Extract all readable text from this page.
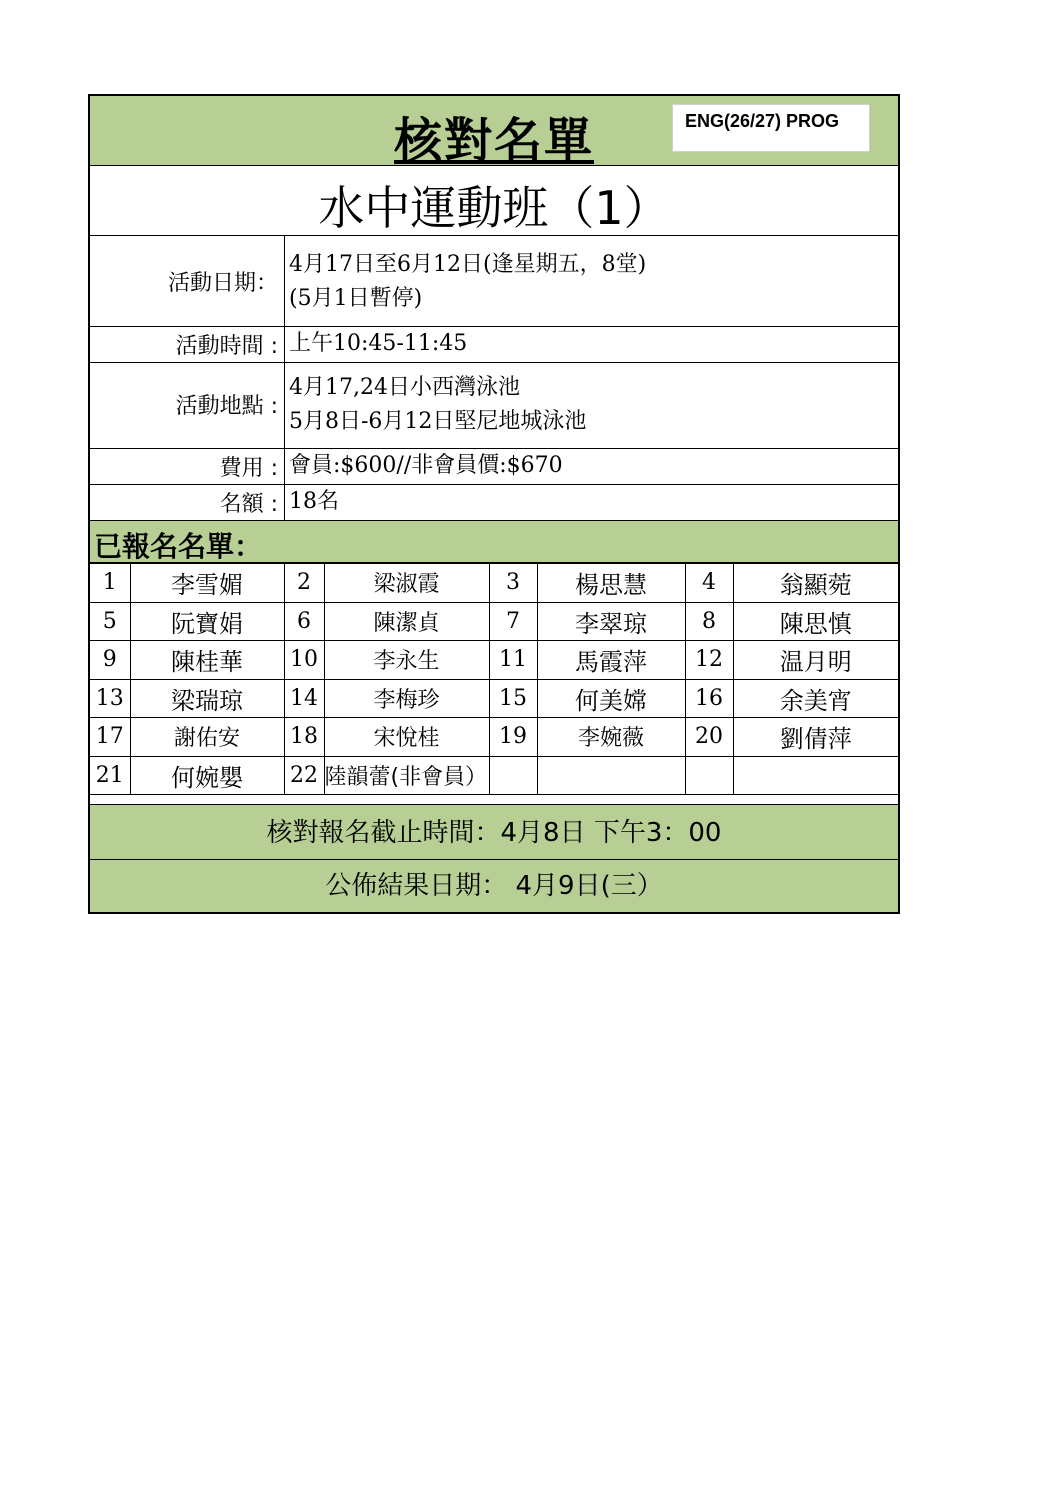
核對名單	ENG(26/27) PROG
水中運動班（1）
活動日期：
4月17日至6月12日(逢星期五，8堂)
(5月1日暫停)
活動時間 : 上午10:45-11:45
活動地點 :
4月17,24日小西灣泳池
5月8日-6月12日堅尼地城泳池
費用 : 會員:$600//非會員價:$670
名額 : 18名
已報名名單：
1	李雪媚	2	梁淑霞	3	楊思慧	4	翁顯菀
5	阮寶娟	6	陳潔貞	7	李翠琼	8	陳思慎
9	陳桂華	10	李永生	11	馬霞萍	12	温月明
13	梁瑞琼	14	李梅珍	15	何美嫦	16	余美宵
17	謝佑安	18	宋悅桂	19	李婉薇	20	劉倩萍
21	何婉嬰	22	陸韻蕾(非會員）				
核對報名截止時間：4月8日 下午3：00
公佈結果日期： 4月9日(三）
